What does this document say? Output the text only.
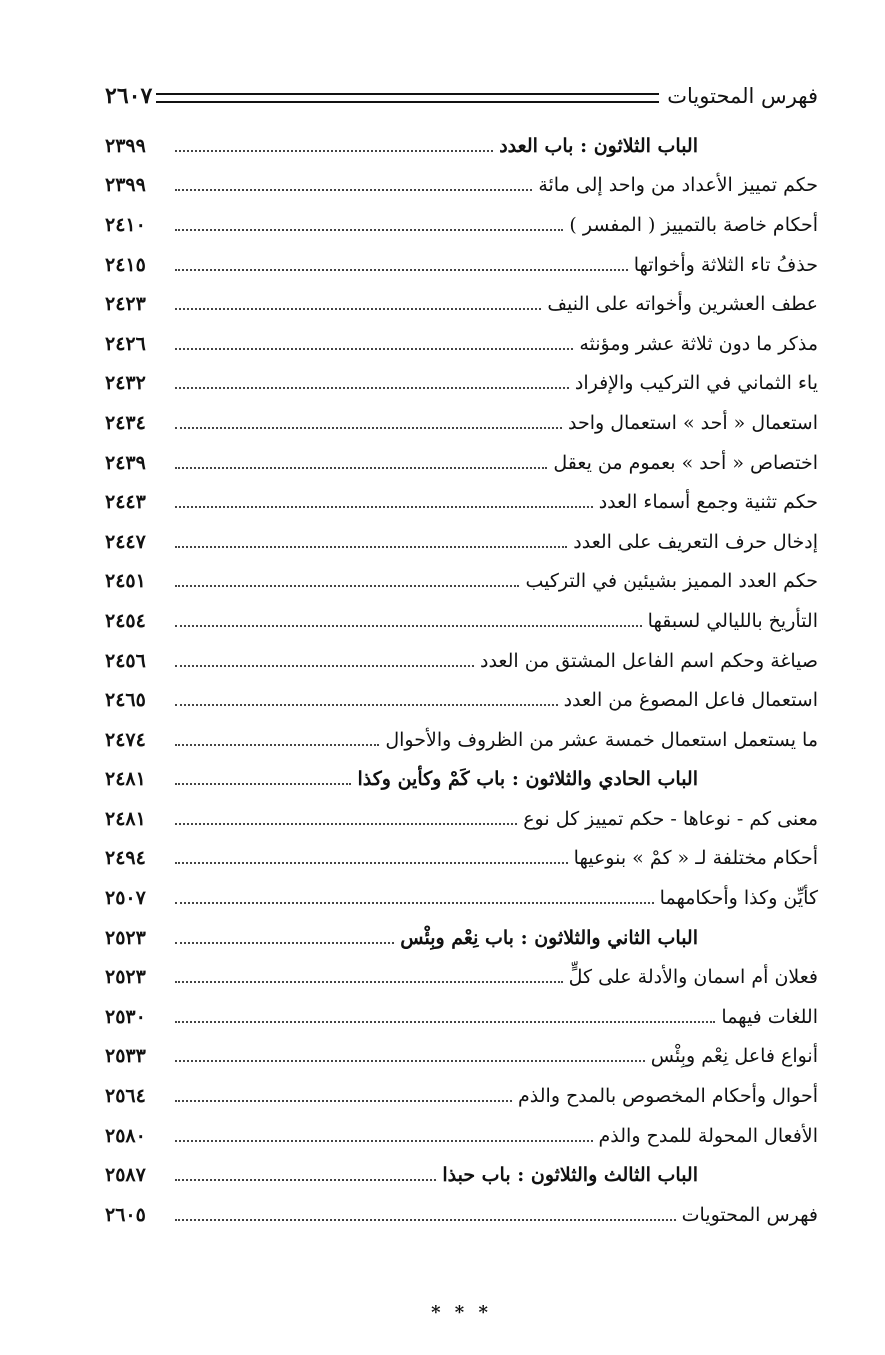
فهرس المحتويات
٢٦٠٧
الباب الثلاثون : باب العدد
٢٣٩٩
حكم تمييز الأعداد من واحد إلى مائة
٢٣٩٩
أحكام خاصة بالتمييز ( المفسر )
٢٤١٠
حذفُ تاء الثلاثة وأخواتها
٢٤١٥
عطف العشرين وأخواته على النيف
٢٤٢٣
مذكر ما دون ثلاثة عشر ومؤنثه
٢٤٢٦
ياء الثماني في التركيب والإفراد
٢٤٣٢
استعمال « أحد » استعمال واحد
٢٤٣٤
اختصاص « أحد » بعموم من يعقل
٢٤٣٩
حكم تثنية وجمع أسماء العدد
٢٤٤٣
إدخال حرف التعريف على العدد
٢٤٤٧
حكم العدد المميز بشيئين في التركيب
٢٤٥١
التأريخ بالليالي لسبقها
٢٤٥٤
صياغة وحكم اسم الفاعل المشتق من العدد
٢٤٥٦
استعمال فاعل المصوغ من العدد
٢٤٦٥
ما يستعمل استعمال خمسة عشر من الظروف والأحوال
٢٤٧٤
الباب الحادي والثلاثون : باب كَمْ وكأين وكذا
٢٤٨١
معنى كم - نوعاها - حكم تمييز كل نوع
٢٤٨١
أحكام مختلفة لـ « كمْ » بنوعيها
٢٤٩٤
كأيِّن وكذا وأحكامهما
٢٥٠٧
الباب الثاني والثلاثون : باب نِعْم وبِئْس
٢٥٢٣
فعلان أم اسمان والأدلة على كلٍّ
٢٥٢٣
اللغات فيهما
٢٥٣٠
أنواع فاعل نِعْم وبِئْس
٢٥٣٣
أحوال وأحكام المخصوص بالمدح والذم
٢٥٦٤
الأفعال المحولة للمدح والذم
٢٥٨٠
الباب الثالث والثلاثون : باب حبذا
٢٥٨٧
فهرس المحتويات
٢٦٠٥
* * *
